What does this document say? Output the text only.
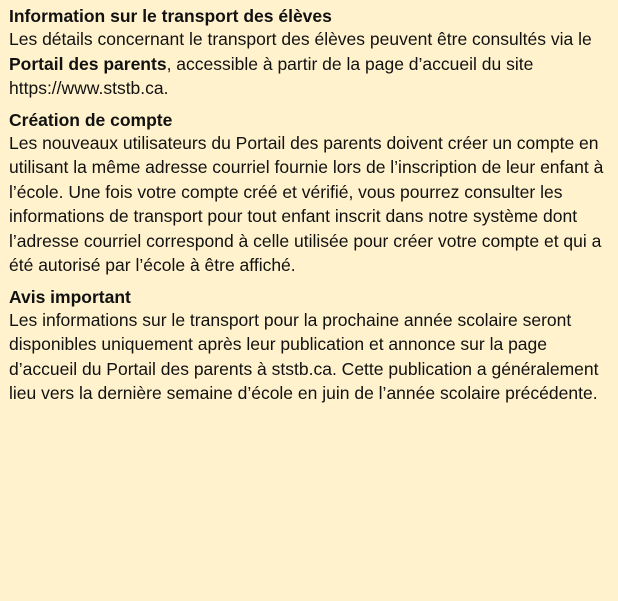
Information sur le transport des élèves

Les détails concernant le transport des élèves peuvent être consultés via le Portail des parents, accessible à partir de la page d’accueil du site https://www.ststb.ca.

Création de compte

Les nouveaux utilisateurs du Portail des parents doivent créer un compte en utilisant la même adresse courriel fournie lors de l’inscription de leur enfant à l’école. Une fois votre compte créé et vérifié, vous pourrez consulter les informations de transport pour tout enfant inscrit dans notre système dont l’adresse courriel correspond à celle utilisée pour créer votre compte et qui a été autorisé par l’école à être affiché.

Avis important

Les informations sur le transport pour la prochaine année scolaire seront disponibles uniquement après leur publication et annonce sur la page d’accueil du Portail des parents à ststb.ca. Cette publication a généralement lieu vers la dernière semaine d’école en juin de l’année scolaire précédente.
